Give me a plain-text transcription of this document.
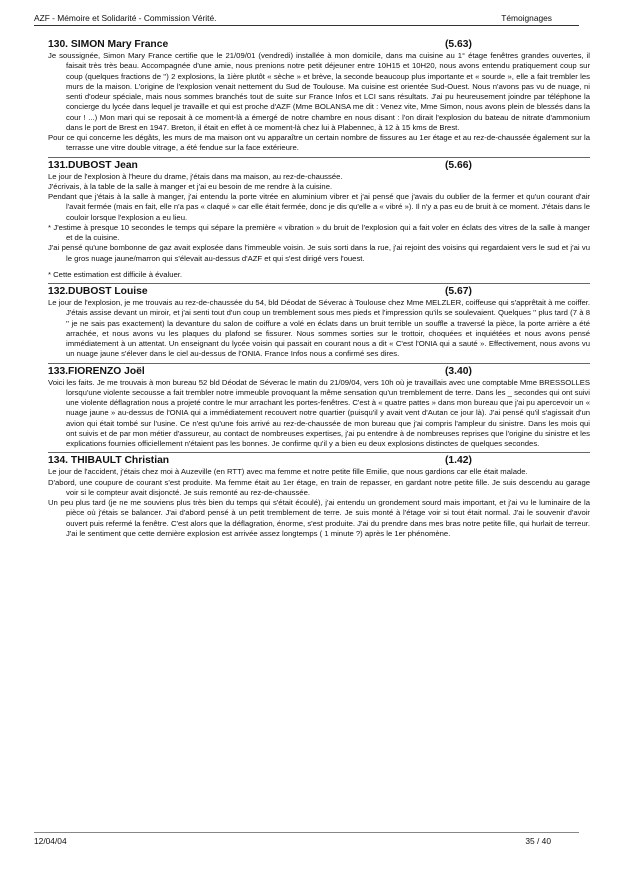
AZF - Mémoire et Solidarité - Commission Vérité.	Témoignages
130. SIMON Mary France	(5.63)

Je soussignée, Simon Mary France certifie que le 21/09/01 (vendredi) installée à mon domicile, dans ma cuisine au 1° étage fenêtres grandes ouvertes, il faisait très très beau. Accompagnée d'une amie, nous prenions notre petit déjeuner entre 10H15 et 10H20, nous avons entendu pratiquement coup sur coup (quelques fractions de '') 2 explosions, la 1ière plutôt « sèche » et brève, la seconde beaucoup plus importante et « sourde », elle a fait trembler les murs de la maison. L'origine de l'explosion venait nettement du Sud de Toulouse. Ma cuisine est orientée Sud-Ouest. Nous n'avons pas vu de nuage, ni senti d'odeur spéciale, mais nous sommes branchés tout de suite sur France Infos et LCI sans résultats. J'ai pu heureusement joindre par téléphone la concierge du lycée dans lequel je travaille et qui est proche d'AZF (Mme BOLANSA me dit : Venez vite, Mme Simon, nous avons plein de blessés dans la cour ! ...) Mon mari qui se reposait à ce moment-là a émergé de notre chambre en nous disant : l'on dirait l'explosion du bateau de nitrate d'ammonium dans le port de Brest en 1947. Breton, il était en effet à ce moment-là chez lui à Plabennec, à 12 à 15 kms de Brest.

Pour ce qui concerne les dégâts, les murs de ma maison ont vu apparaître un certain nombre de fissures au 1er étage et au rez-de-chaussée également sur la terrasse une vitre double vitrage, a été fendue sur la face extérieure.

131.DUBOST Jean	(5.66)

Le jour de l'explosion à l'heure du drame, j'étais dans ma maison, au rez-de-chaussée.

J'écrivais, à la table de la salle à manger et j'ai eu besoin de me rendre à la cuisine.

Pendant que j'étais à la salle à manger, j'ai entendu la porte vitrée en aluminium vibrer et j'ai pensé que j'avais du oublier de la fermer et qu'un courant d'air l'avait fermée (mais en fait, elle n'a pas « claqué » car elle était fermée, donc je dis qu'elle a « vibré »). Il n'y a pas eu de bruit à ce moment. J'étais dans le couloir lorsque l'explosion a eu lieu.

* J'estime à presque 10 secondes le temps qui sépare la première « vibration » du bruit de l'explosion qui a fait voler en éclats des vitres de la salle à manger et de la cuisine.

J'ai pensé qu'une bombonne de gaz avait explosée dans l'immeuble voisin. Je suis sorti dans la rue, j'ai rejoint des voisins qui regardaient vers le sud et j'ai vu le gros nuage jaune/marron qui s'élevait au-dessus d'AZF et qui s'est dirigé vers l'ouest.

* Cette estimation est difficile à évaluer.

132.DUBOST Louise	(5.67)

Le jour de l'explosion, je me trouvais au rez-de-chaussée du 54, bld Déodat de Séverac à Toulouse chez Mme MELZLER, coiffeuse qui s'apprêtait à me coiffer. J'étais assise devant un miroir, et j'ai senti tout d'un coup un tremblement sous mes pieds et l'impression qu'ils se soulevaient. Quelques '' plus tard (7 à 8 '' je ne sais pas exactement) la devanture du salon de coiffure a volé en éclats dans un bruit terrible un souffle a traversé la pièce, la porte arrière a été arrachée, et nous avons vu les plaques du plafond se fissurer. Nous sommes sorties sur le trottoir, choquées et inquiétées et nous avons pensé immédiatement à un attentat. Un enseignant du lycée voisin qui passait en courant nous a dit « C'est l'ONIA qui a sauté ». Effectivement, nous avons vu un nuage jaune s'élever dans le ciel au-dessus de l'ONIA. France Infos nous a confirmé ses dires.

133.FIORENZO Joël	(3.40)

Voici les faits. Je me trouvais à mon bureau 52 bld Déodat de Séverac le matin du 21/09/04, vers 10h où je travaillais avec une comptable Mme BRESSOLLES lorsqu'une violente secousse a fait trembler notre immeuble provoquant la même sensation qu'un tremblement de terre. Dans les _ secondes qui ont suivi une violente déflagration nous a projeté contre le mur arrachant les portes-fenêtres. C'est à « quatre pattes » dans mon bureau que j'ai pu apercevoir un « nuage jaune » au-dessus de l'ONIA qui a immédiatement recouvert notre quartier (puisqu'il y avait vent d'Autan ce jour là). J'ai pensé qu'il s'agissait d'un avion qui était tombé sur l'usine. Ce n'est qu'une fois arrivé au rez-de-chaussée de mon bureau que j'ai compris l'ampleur du sinistre. Dans les mois qui ont suivis et de par mon métier d'assureur, au contact de nombreuses expertises, j'ai pu entendre à de nombreuses reprises que l'origine du sinistre et les explications fournies officiellement n'étaient pas les bonnes. Je confirme qu'il y a bien eu deux explosions distinctes de quelques secondes.

134. THIBAULT Christian	(1.42)

Le jour de l'accident, j'étais chez moi à Auzeville (en RTT) avec ma femme et notre petite fille Emilie, que nous gardions car elle était malade.

D'abord, une coupure de courant s'est produite. Ma femme était au 1er étage, en train de repasser, en gardant notre petite fille. Je suis descendu au garage voir si le compteur avait disjoncté. Je suis remonté au rez-de-chaussée.

Un peu plus tard (je ne me souviens plus très bien du temps qui s'était écoulé), j'ai entendu un grondement sourd mais important, et j'ai vu le luminaire de la pièce où j'étais se balancer. J'ai d'abord pensé à un petit tremblement de terre. Je suis monté à l'étage voir si tout était normal. J'ai le souvenir d'avoir ouvert puis refermé la fenêtre. C'est alors que la déflagration, énorme, s'est produite. J'ai du prendre dans mes bras notre petite fille, qui hurlait de terreur. J'ai le sentiment que cette dernière explosion est arrivée assez longtemps ( 1 minute ?) après le 1er phénomène.

12/04/04	35 / 40
